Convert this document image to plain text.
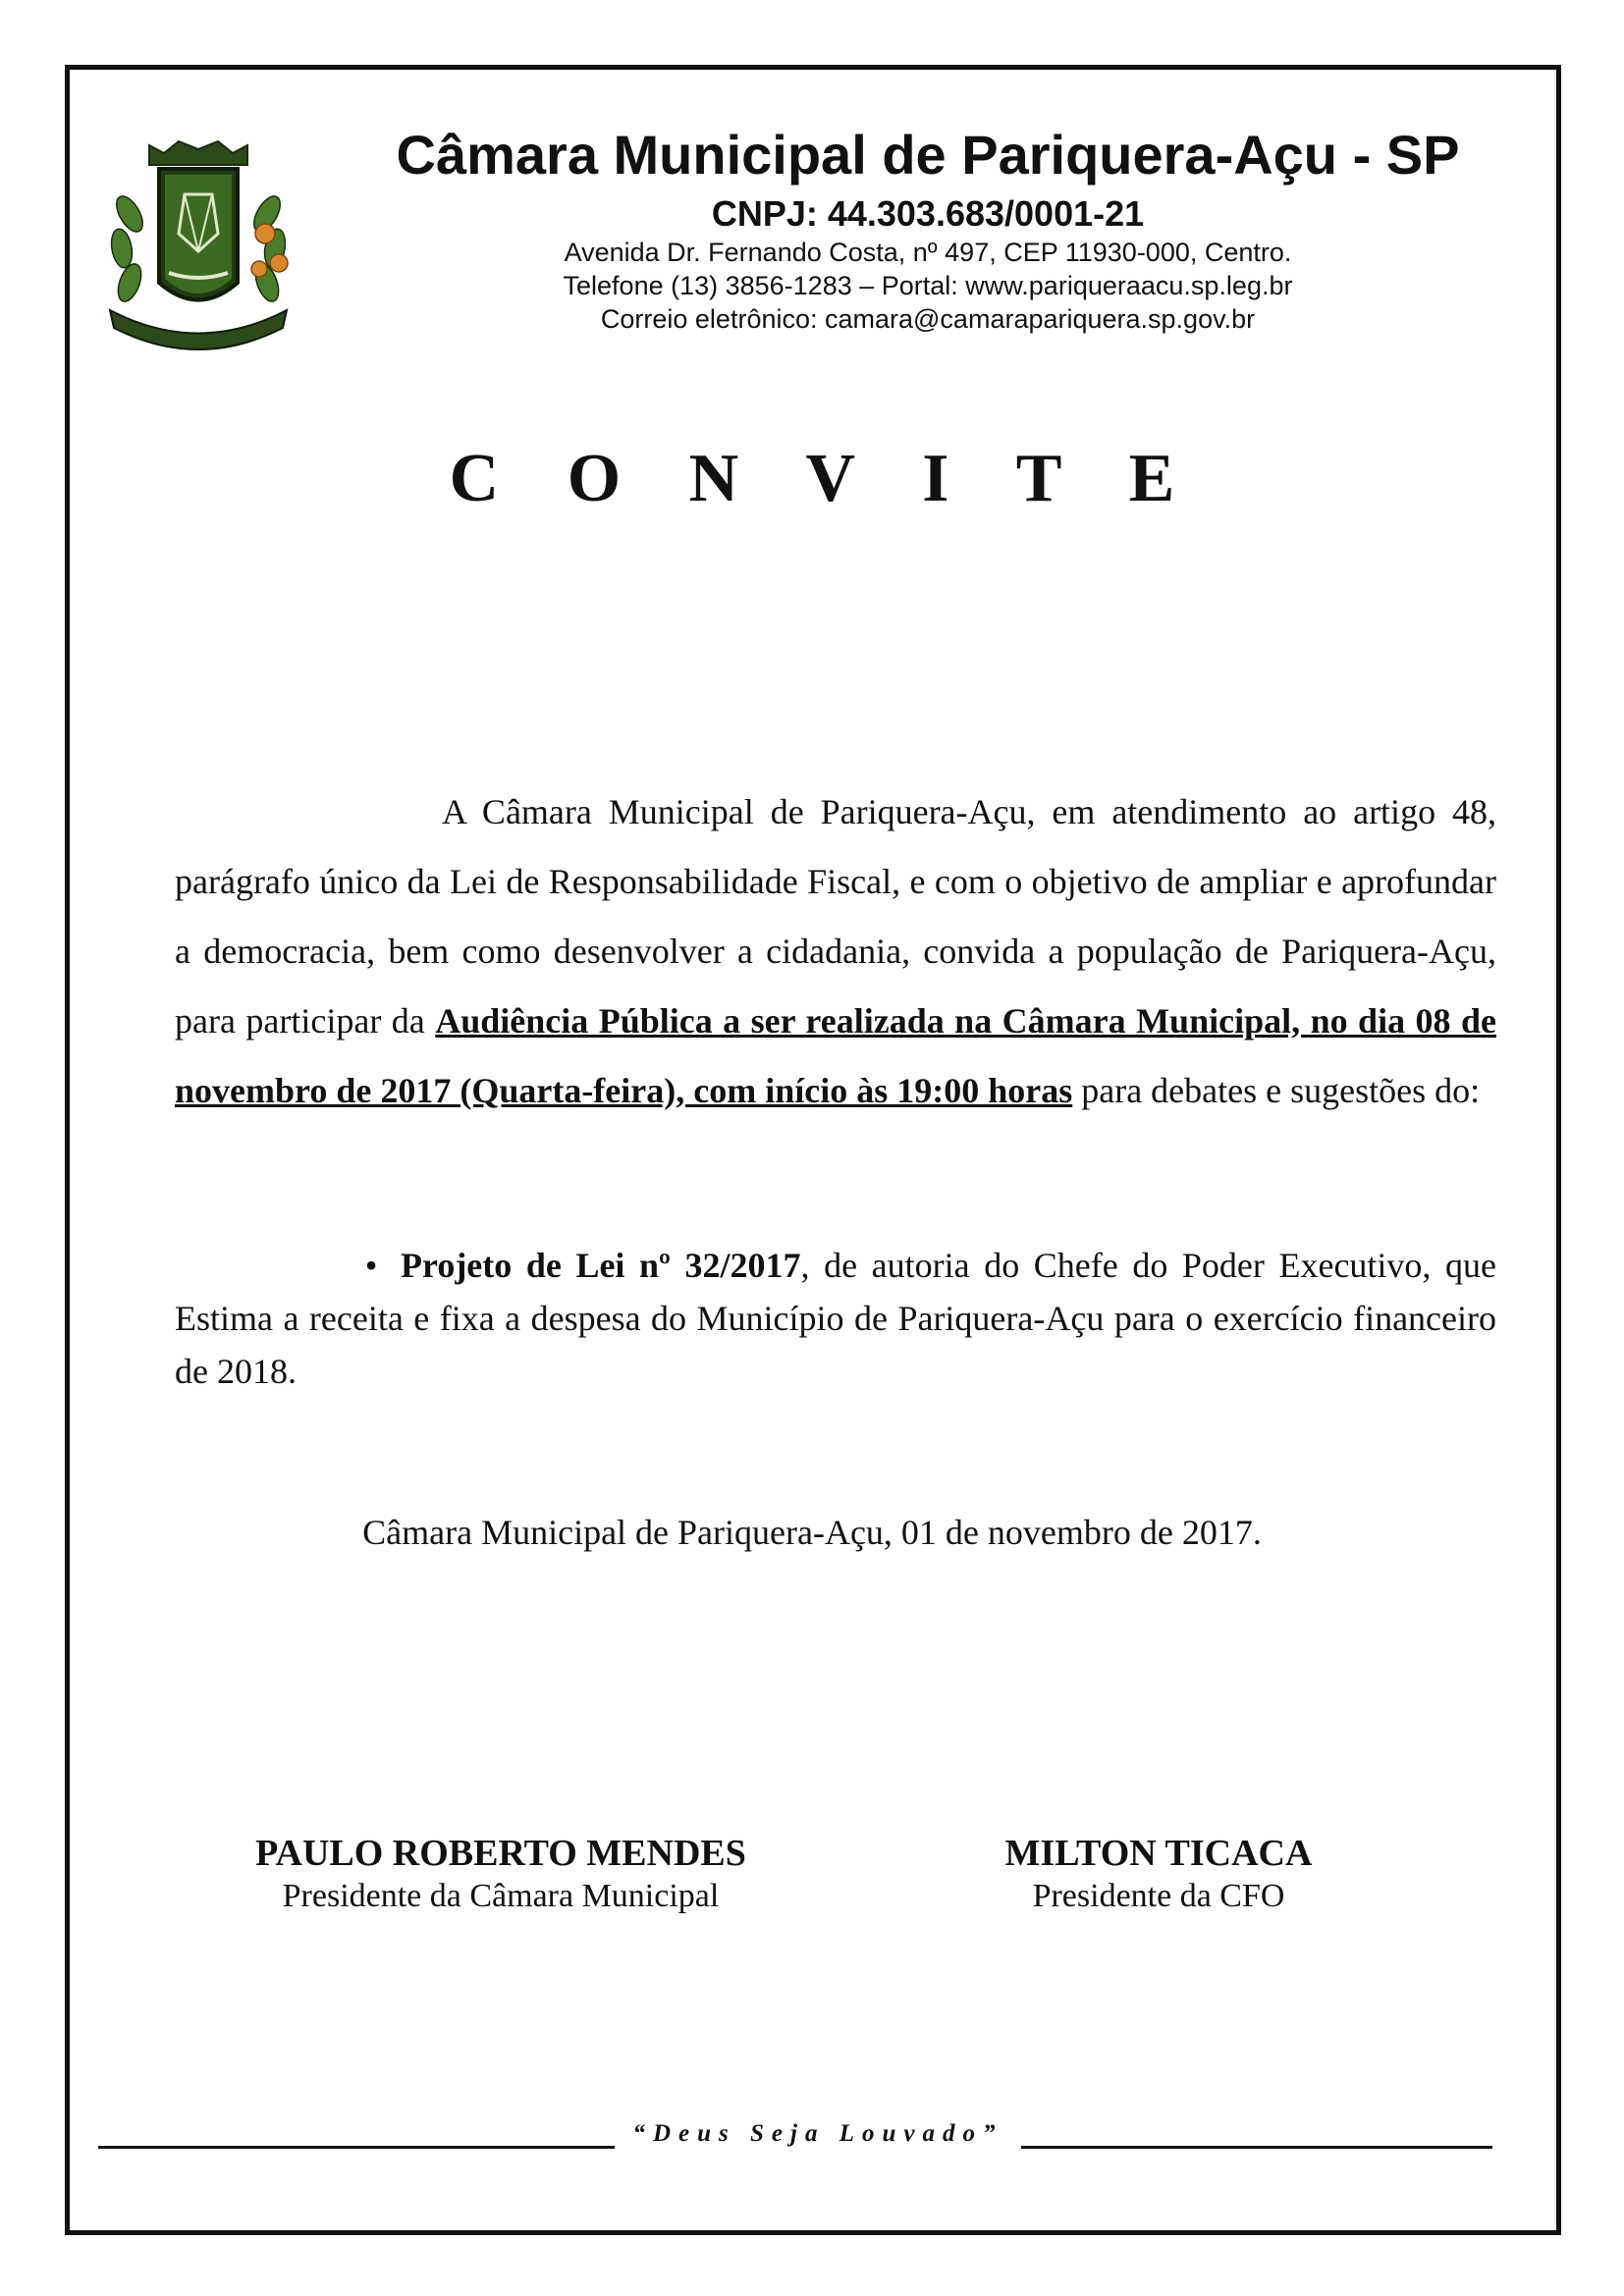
Câmara Municipal de Pariquera-Açu - SP
CNPJ: 44.303.683/0001-21
Avenida Dr. Fernando Costa, nº 497, CEP 11930-000, Centro.
Telefone (13) 3856-1283 – Portal: www.pariqueraacu.sp.leg.br
Correio eletrônico: camara@camarapariquera.sp.gov.br
C O N V I T E
A Câmara Municipal de Pariquera-Açu, em atendimento ao artigo 48, parágrafo único da Lei de Responsabilidade Fiscal, e com o objetivo de ampliar e aprofundar a democracia, bem como desenvolver a cidadania, convida a população de Pariquera-Açu, para participar da Audiência Pública a ser realizada na Câmara Municipal, no dia 08 de novembro de 2017 (Quarta-feira), com início às 19:00 horas para debates e sugestões do:
• Projeto de Lei nº 32/2017, de autoria do Chefe do Poder Executivo, que Estima a receita e fixa a despesa do Município de Pariquera-Açu para o exercício financeiro de 2018.
Câmara Municipal de Pariquera-Açu, 01 de novembro de 2017.
PAULO ROBERTO MENDES
Presidente da Câmara Municipal
MILTON TICACA
Presidente da CFO
“Deus Seja Louvado”
